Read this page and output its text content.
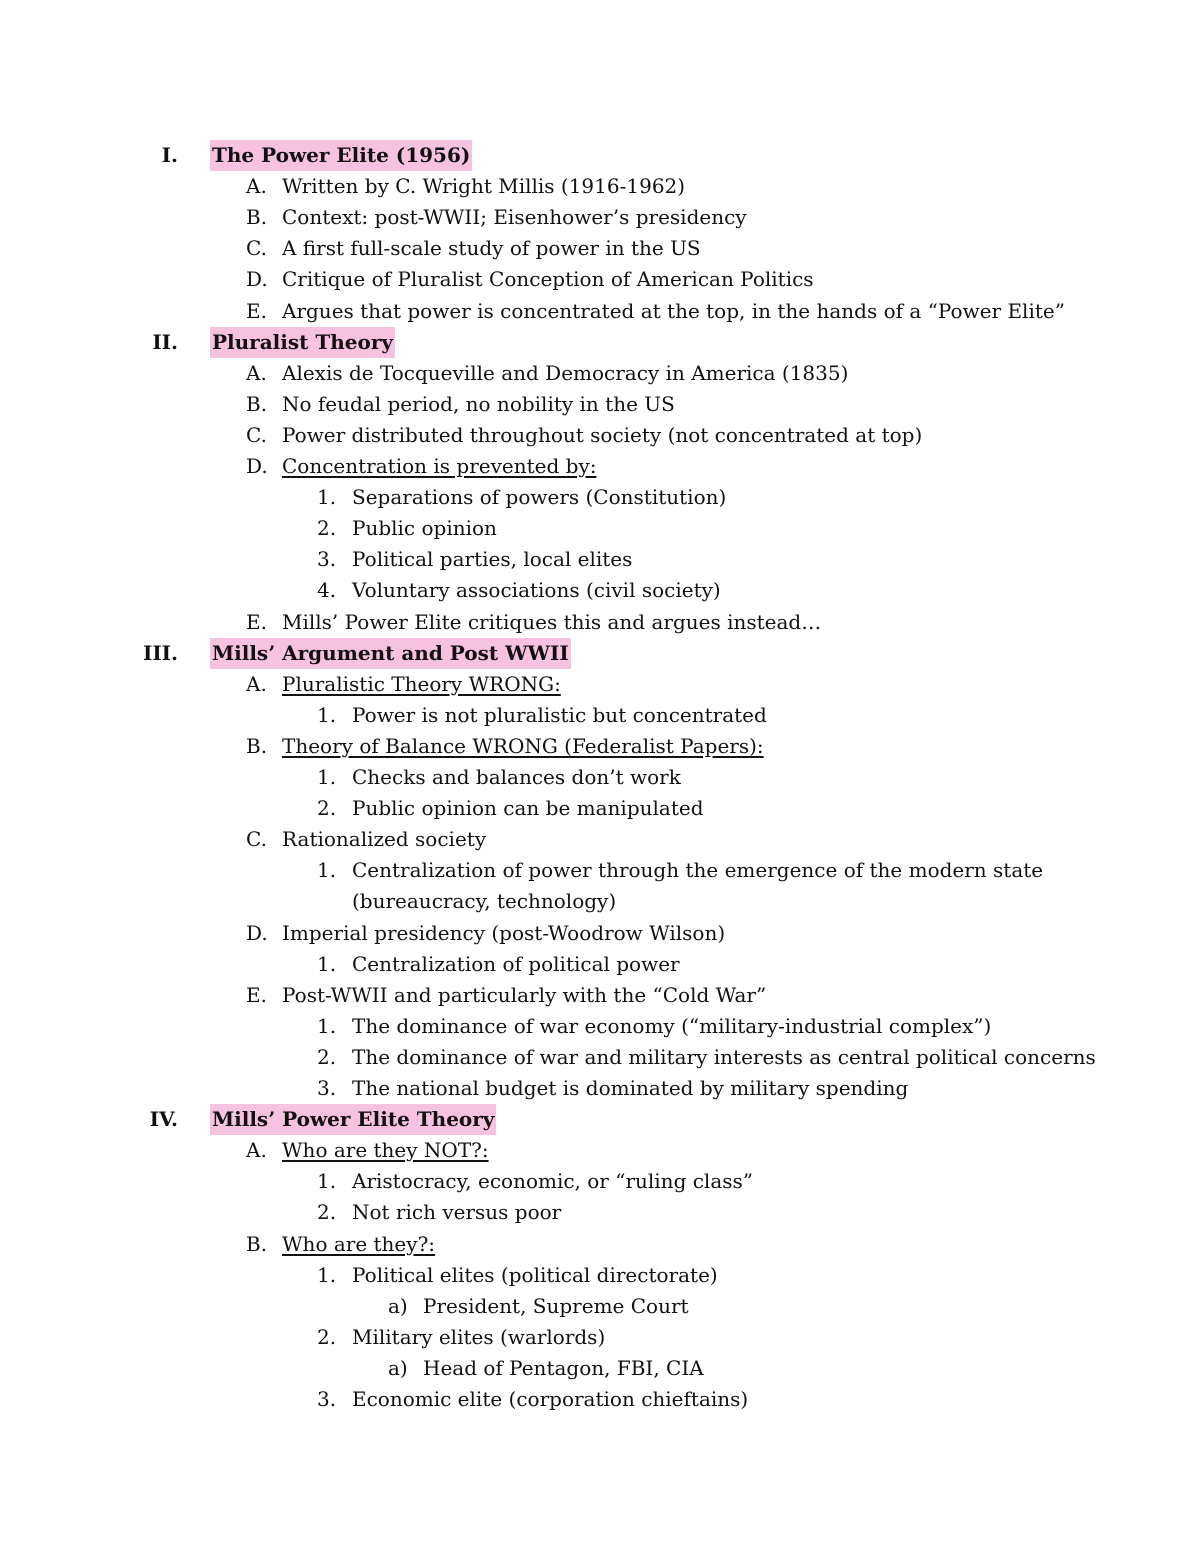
I. The Power Elite (1956)
A. Written by C. Wright Millis (1916-1962)
B. Context: post-WWII; Eisenhower’s presidency
C. A first full-scale study of power in the US
D. Critique of Pluralist Conception of American Politics
E. Argues that power is concentrated at the top, in the hands of a “Power Elite”
II. Pluralist Theory
A. Alexis de Tocqueville and Democracy in America (1835)
B. No feudal period, no nobility in the US
C. Power distributed throughout society (not concentrated at top)
D. Concentration is prevented by:
1. Separations of powers (Constitution)
2. Public opinion
3. Political parties, local elites
4. Voluntary associations (civil society)
E. Mills’ Power Elite critiques this and argues instead…
III. Mills’ Argument and Post WWII
A. Pluralistic Theory WRONG:
1. Power is not pluralistic but concentrated
B. Theory of Balance WRONG (Federalist Papers):
1. Checks and balances don’t work
2. Public opinion can be manipulated
C. Rationalized society
1. Centralization of power through the emergence of the modern state
(bureaucracy, technology)
D. Imperial presidency (post-Woodrow Wilson)
1. Centralization of political power
E. Post-WWII and particularly with the “Cold War”
1. The dominance of war economy (“military-industrial complex”)
2. The dominance of war and military interests as central political concerns
3. The national budget is dominated by military spending
IV. Mills’ Power Elite Theory
A. Who are they NOT?:
1. Aristocracy, economic, or “ruling class”
2. Not rich versus poor
B. Who are they?:
1. Political elites (political directorate)
a) President, Supreme Court
2. Military elites (warlords)
a) Head of Pentagon, FBI, CIA
3. Economic elite (corporation chieftains)
